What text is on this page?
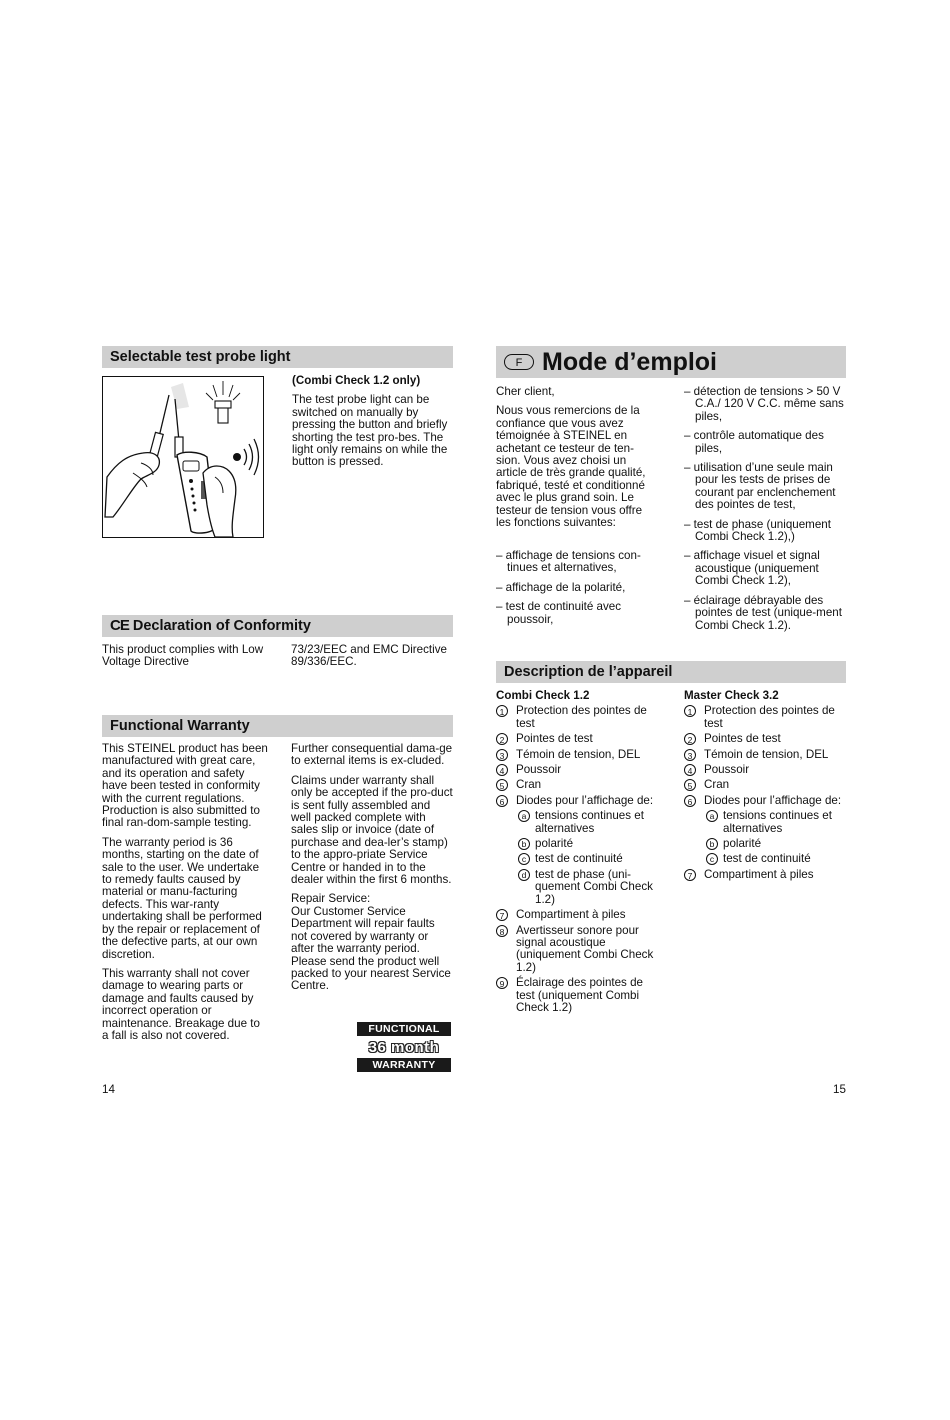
Selectable test probe light

(Combi Check 1.2 only)

The test probe light can be switched on manually by pressing the button and briefly shorting the test pro-bes. The light only remains on while the button is pressed.

CE Declaration of Conformity
This product complies with Low Voltage Directive
73/23/EEC and EMC Directive 89/336/EEC.
Functional Warranty

This STEINEL product has been manufactured with great care, and its operation and safety have been tested in conformity with the current regulations. Production is also submitted to final ran-dom-sample testing.

The warranty period is 36 months, starting on the date of sale to the user. We undertake to remedy faults caused by material or manu-facturing defects. This war-ranty undertaking shall be performed by the repair or replacement of the defective parts, at our own discretion.

This warranty shall not cover damage to wearing parts or damage and faults caused by incorrect operation or maintenance. Breakage due to a fall is also not covered.

Further consequential dama-ge to external items is ex-cluded.

Claims under warranty shall only be accepted if the pro-duct is sent fully assembled and well packed complete with sales slip or invoice (date of purchase and dea-ler’s stamp) to the appro-priate Service Centre or handed in to the dealer within the first 6 months.

Repair Service:

Our Customer Service Department will repair faults not covered by warranty or after the warranty period. Please send the product well packed to your nearest Service Centre.

FUNCTIONAL
36 month
WARRANTY
14
F Mode d’emploi

Cher client,

Nous vous remercions de la confiance que vous avez témoignée à STEINEL en achetant ce testeur de ten-sion. Vous avez choisi un article de très grande qualité, fabriqué, testé et conditionné avec le plus grand soin. Le testeur de tension vous offre les fonctions suivantes:

– affichage de tensions con-tinues et alternatives,
– affichage de la polarité,
– test de continuité avec poussoir,
– détection de tensions > 50 V C.A./ 120 V C.C. même sans piles,
– contrôle automatique des piles,
– utilisation d’une seule main pour les tests de prises de courant par enclenchement des pointes de test,
– test de phase (uniquement Combi Check 1.2),)
– affichage visuel et signal acoustique (uniquement Combi Check 1.2),
– éclairage débrayable des pointes de test (unique-ment Combi Check 1.2).
Description de l’appareil
Combi Check 1.2
1	Protection des pointes de test
2	Pointes de test
3	Témoin de tension, DEL
4	Poussoir
5	Cran
6	Diodes pour l’affichage de:
a tensions continues et alternatives
b polarité
c test de continuité
d test de phase (uni-quement Combi Check 1.2)
7	Compartiment à piles
8	Avertisseur sonore pour signal acoustique (uniquement Combi Check 1.2)
9	Éclairage des pointes de test (uniquement Combi Check 1.2)
Master Check 3.2
1	Protection des pointes de test
2	Pointes de test
3	Témoin de tension, DEL
4	Poussoir
5	Cran
6	Diodes pour l’affichage de:
a tensions continues et alternatives
b polarité
c test de continuité
7	Compartiment à piles
15
